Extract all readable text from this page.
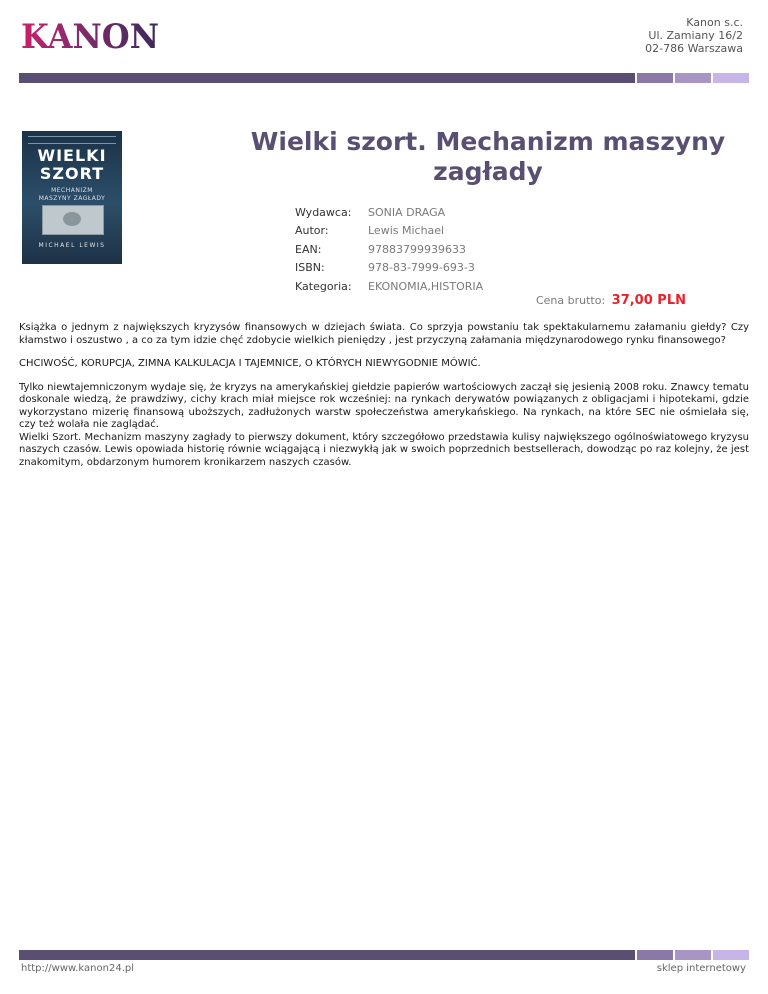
KANON	Kanon s.c.
Ul. Zamiany 16/2
02-786 Warszawa
WIELKI
SZORT
MECHANIZM
MASZYNY ZAGŁADY
MICHAEL LEWIS
Wielki szort. Mechanizm maszyny zagłady
Wydawca:	SONIA DRAGA
Autor:	Lewis Michael
EAN:	97883799939633
ISBN:	978-83-7999-693-3
Kategoria:	EKONOMIA,HISTORIA
Cena brutto: 37,00 PLN

Książka o jednym z największych kryzysów finansowych w dziejach świata. Co sprzyja powstaniu tak spektakularnemu załamaniu giełdy? Czy kłamstwo i oszustwo , a co za tym idzie chęć zdobycie wielkich pieniędzy , jest przyczyną załamania międzynarodowego rynku finansowego?

CHCIWOŚĆ, KORUPCJA, ZIMNA KALKULACJA I TAJEMNICE, O KTÓRYCH NIEWYGODNIE MÓWIĆ.

Tylko niewtajemniczonym wydaje się, że kryzys na amerykańskiej giełdzie papierów wartościowych zaczął się jesienią 2008 roku. Znawcy tematu doskonale wiedzą, że prawdziwy, cichy krach miał miejsce rok wcześniej: na rynkach derywatów powiązanych z obligacjami i hipotekami, gdzie wykorzystano mizerię finansową uboższych, zadłużonych warstw społeczeństwa amerykańskiego. Na rynkach, na które SEC nie ośmielała się, czy też wolała nie zaglądać.
Wielki Szort. Mechanizm maszyny zagłady to pierwszy dokument, który szczegółowo przedstawia kulisy największego ogólnoświatowego kryzysu naszych czasów. Lewis opowiada historię równie wciągającą i niezwykłą jak w swoich poprzednich bestsellerach, dowodząc po raz kolejny, że jest znakomitym, obdarzonym humorem kronikarzem naszych czasów.

http://www.kanon24.pl	sklep internetowy
